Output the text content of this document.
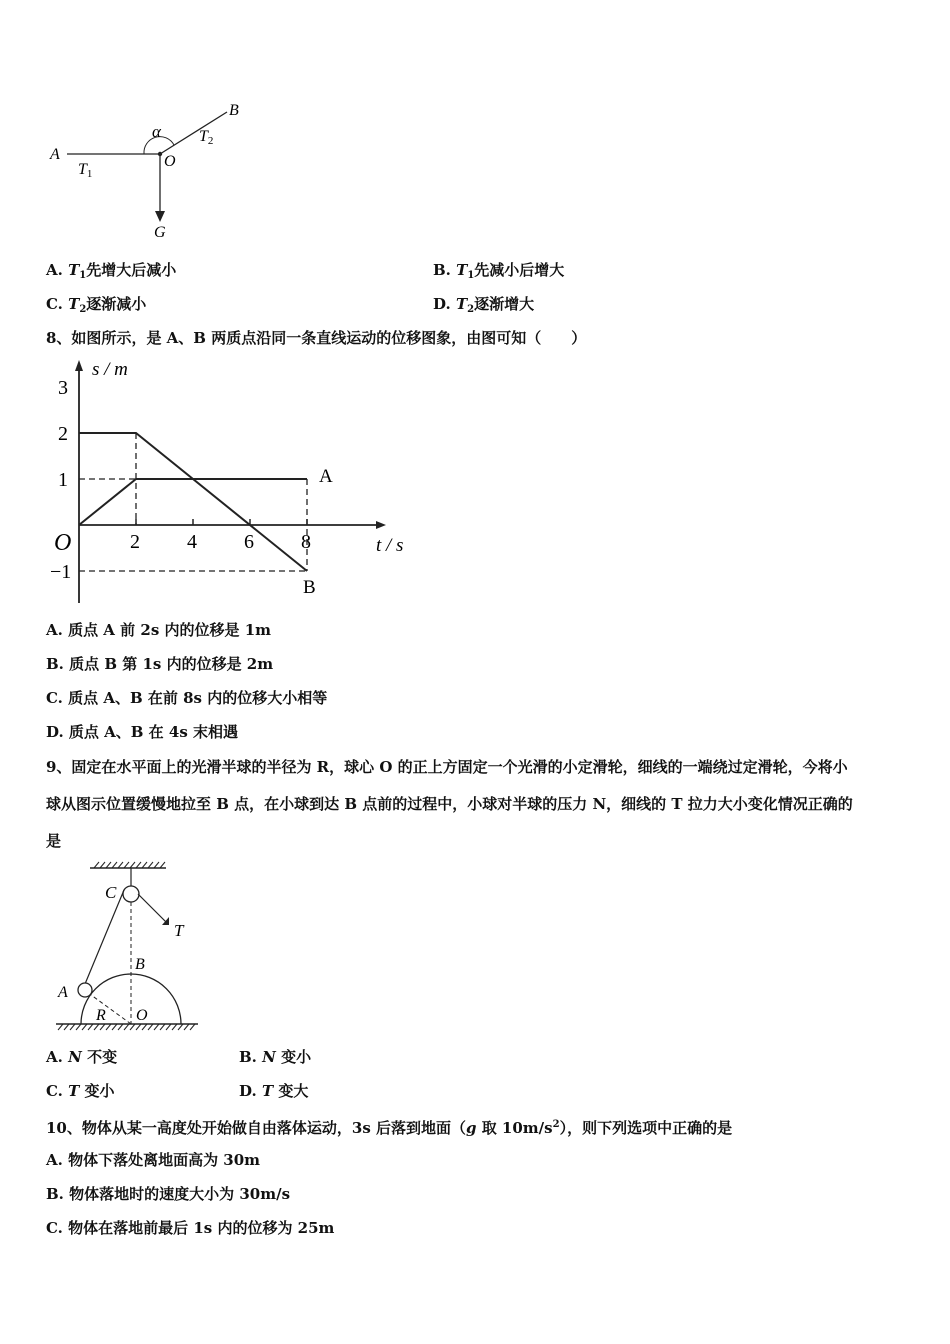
A
T1
α
O
T2
B
G
A. $T_1$先增大后减小	B. $T_1$先减小后增大
C. $T_2$逐渐减小	D. $T_2$逐渐增大
8、如图所示，是 A、B 两质点沿同一条直线运动的位移图象，由图可知（　　）
s / m
t / s
O	2 4 6 8
3
2
1
−1
A
B
A. 质点 A 前 2s 内的位移是 1m
B. 质点 B 第 1s 内的位移是 2m
C. 质点 A、B 在前 8s 内的位移大小相等
D. 质点 A、B 在 4s 末相遇
9、固定在水平面上的光滑半球的半径为 R，球心 O 的正上方固定一个光滑的小定滑轮，细线的一端绕过定滑轮，今将小
球从图示位置缓慢地拉至 B 点，在小球到达 B 点前的过程中，小球对半球的压力 N，细线的 T 拉力大小变化情况正确的
是
C
T
B
A
R O
A. N 不变	B. N 变小
C. T 变小	D. T 变大
10、物体从某一高度处开始做自由落体运动，3s 后落到地面（g 取 $10m/s^2$），则下列选项中正确的是
A. 物体下落处离地面高为 30m
B. 物体落地时的速度大小为 30m/s
C. 物体在落地前最后 1s 内的位移为 25m
